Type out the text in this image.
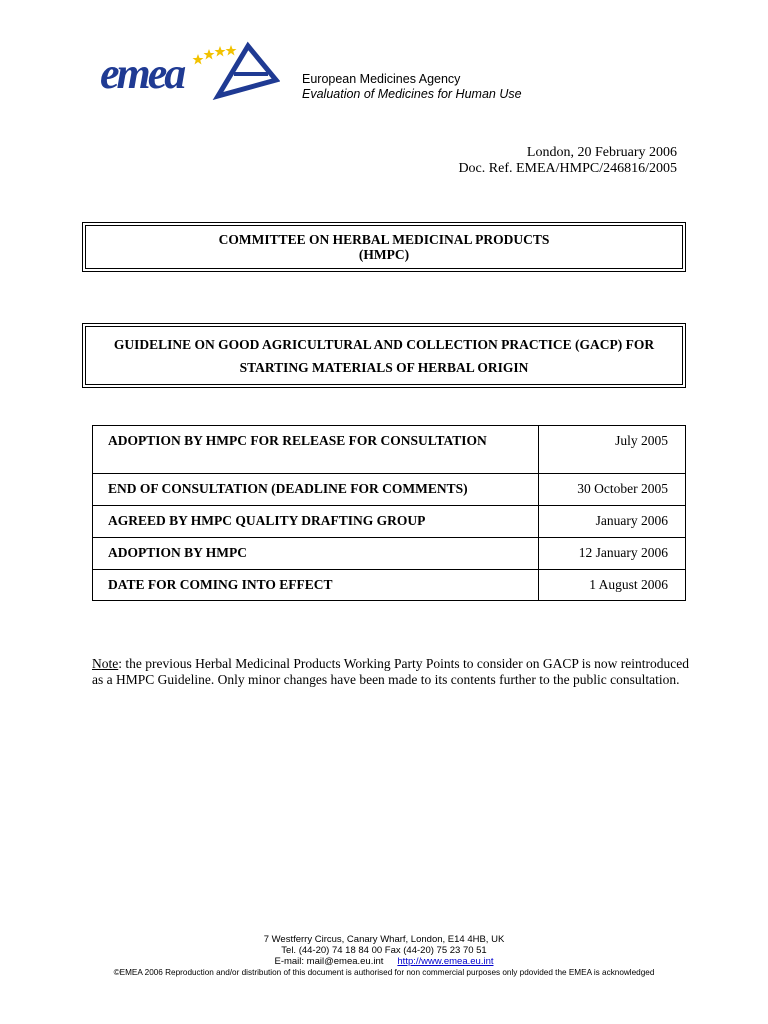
emea	European Medicines Agency
Evaluation of Medicines for Human Use
London, 20 February 2006
Doc. Ref. EMEA/HMPC/246816/2005
COMMITTEE ON HERBAL MEDICINAL PRODUCTS
(HMPC)
GUIDELINE ON GOOD AGRICULTURAL AND COLLECTION PRACTICE (GACP) FOR
STARTING MATERIALS OF HERBAL ORIGIN
ADOPTION BY HMPC FOR RELEASE FOR CONSULTATION	July 2005
END OF CONSULTATION (DEADLINE FOR COMMENTS)	30 October 2005
AGREED BY HMPC QUALITY DRAFTING GROUP	January 2006
ADOPTION BY HMPC	12 January 2006
DATE FOR COMING INTO EFFECT	1 August 2006
Note: the previous Herbal Medicinal Products Working Party Points to consider on GACP is now reintroduced as a HMPC Guideline. Only minor changes have been made to its contents further to the public consultation.
7 Westferry Circus, Canary Wharf, London, E14 4HB, UK
Tel. (44-20) 74 18 84 00 Fax (44-20) 75 23 70 51
E-mail: mail@emea.eu.int http://www.emea.eu.int
©EMEA 2006 Reproduction and/or distribution of this document is authorised for non commercial purposes only pdovided the EMEA is acknowledged
